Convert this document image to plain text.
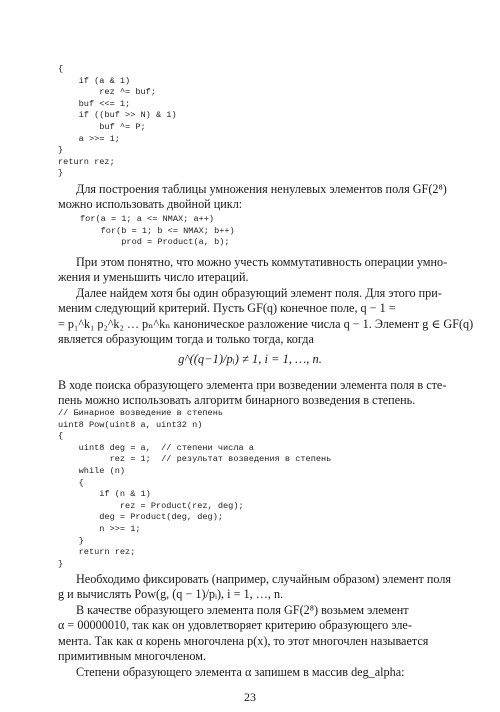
{
if (a & 1)
rez ^= buf;
buf <<= 1;
if ((buf >> N) & 1)
buf ^= P;
a >>= 1;
}
return rez;
}

Для построения таблицы умножения ненулевых элементов поля GF(2⁸)
можно использовать двойной цикл:

for(a = 1; a <= NMAX; a++)
for(b = 1; b <= NMAX; b++)
prod = Product(a, b);

При этом понятно, что можно учесть коммутативность операции умно-
жения и уменьшить число итераций.

Далее найдем хотя бы один образующий элемент поля. Для этого при-
меним следующий критерий. Пусть GF(q) конечное поле, q − 1 =
= p₁^k₁ p₂^k₂ … pₙ^kₙ каноническое разложение числа q − 1. Элемент g ∈ GF(q)
является образующим тогда и только тогда, когда

g^((q−1)/pᵢ) ≠ 1, i = 1, …, n.

В ходе поиска образующего элемента при возведении элемента поля в сте-
пень можно использовать алгоритм бинарного возведения в степень.

// Бинарное возведение в степень
uint8 Pow(uint8 a, uint32 n)
{
uint8 deg = a,  // степени числа a
rez = 1;  // результат возведения в степень
while (n)
{
if (n & 1)
rez = Product(rez, deg);
deg = Product(deg, deg);
n >>= 1;
}
return rez;
}

Необходимо фиксировать (например, случайным образом) элемент поля
g и вычислять Pow(g, (q − 1)/pᵢ), i = 1, …, n.

В качестве образующего элемента поля GF(2⁸) возьмем элемент
α = 00000010, так как он удовлетворяет критерию образующего эле-
мента. Так как α корень многочлена p(x), то этот многочлен называется
примитивным многочленом.

Степени образующего элемента α запишем в массив deg_alpha:

23
